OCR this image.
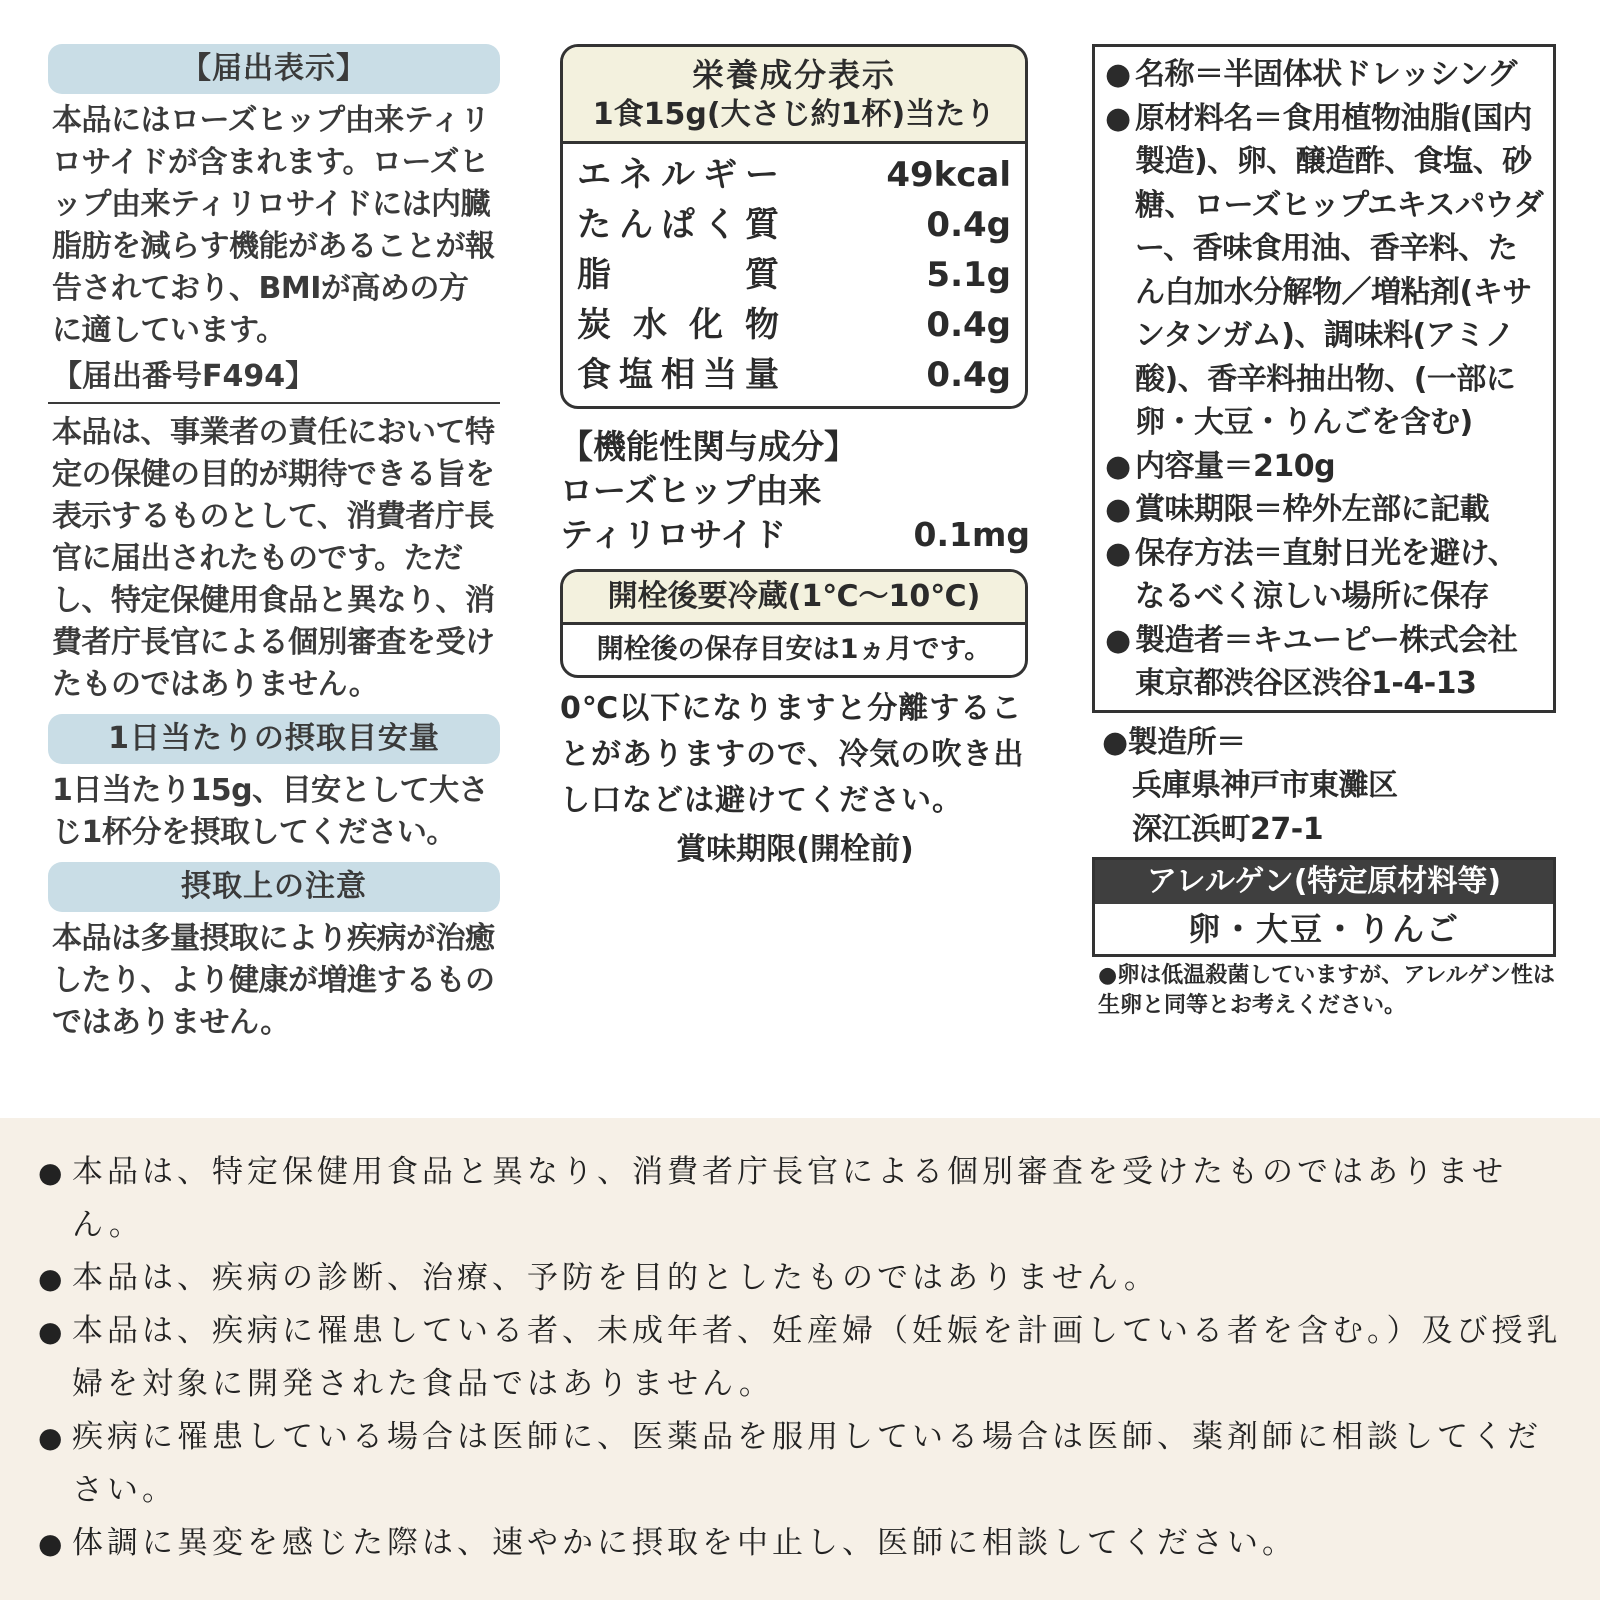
【届出表示】
本品にはローズヒップ由来ティリロサイドが含まれます。ローズヒップ由来ティリロサイドには内臓脂肪を減らす機能があることが報告されており、BMIが高めの方に適しています。
【届出番号F494】
本品は、事業者の責任において特定の保健の目的が期待できる旨を表示するものとして、消費者庁長官に届出されたものです。ただし、特定保健用食品と異なり、消費者庁長官による個別審査を受けたものではありません。
1日当たりの摂取目安量
1日当たり15g、目安として大さじ1杯分を摂取してください。
摂取上の注意
本品は多量摂取により疾病が治癒したり、より健康が増進するものではありません。
栄養成分表示
1食15g(大さじ約1杯)当たり
エネルギー	49kcal
たんぱく質	0.4g
脂　　　質	5.1g
炭水化物	0.4g
食塩相当量	0.4g
【機能性関与成分】
ローズヒップ由来
ティリロサイド	0.1mg
開栓後要冷蔵(1℃〜10℃)
開栓後の保存目安は1ヵ月です。
0℃以下になりますと分離することがありますので、冷気の吹き出し口などは避けてください。
賞味期限(開栓前)
● 名称＝半固体状ドレッシング
● 原材料名＝食用植物油脂(国内製造)、卵、醸造酢、食塩、砂糖、ローズヒップエキスパウダー、香味食用油、香辛料、たん白加水分解物／増粘剤(キサンタンガム)、調味料(アミノ酸)、香辛料抽出物、(一部に卵・大豆・りんごを含む)
● 内容量＝210g
● 賞味期限＝枠外左部に記載
● 保存方法＝直射日光を避け、なるべく涼しい場所に保存
● 製造者＝キユーピー株式会社東京都渋谷区渋谷1-4-13
●製造所＝
兵庫県神戸市東灘区
深江浜町27-1
アレルゲン(特定原材料等)
卵・大豆・りんご
●卵は低温殺菌していますが、アレルゲン性は生卵と同等とお考えください。
● 本品は、特定保健用食品と異なり、消費者庁長官による個別審査を受けたものではありません。
● 本品は、疾病の診断、治療、予防を目的としたものではありません。
● 本品は、疾病に罹患している者、未成年者、妊産婦（妊娠を計画している者を含む。）及び授乳婦を対象に開発された食品ではありません。
● 疾病に罹患している場合は医師に、医薬品を服用している場合は医師、薬剤師に相談してください。
● 体調に異変を感じた際は、速やかに摂取を中止し、医師に相談してください。
